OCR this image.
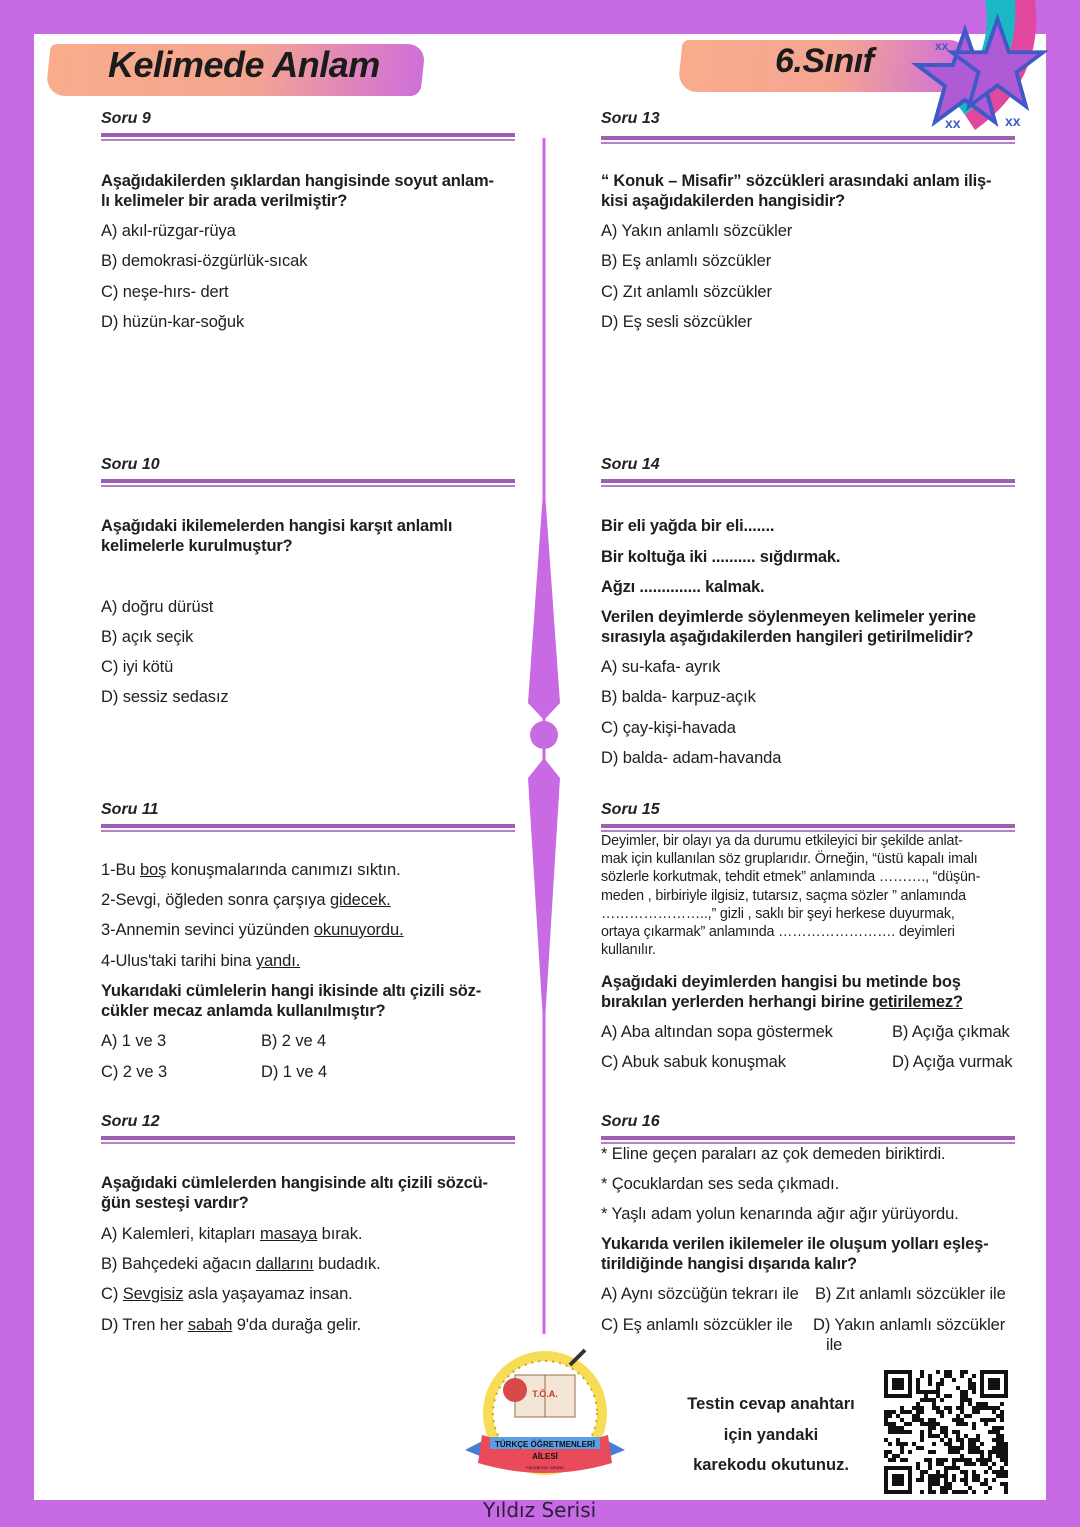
Kelimede Anlam	6.Sınıf
xx	xx
xx
Soru 9
Aşağıdakilerden şıklardan hangisinde soyut anlam-
lı kelimeler bir arada verilmiştir?
A) akıl-rüzgar-rüya
B) demokrasi-özgürlük-sıcak
C) neşe-hırs- dert
D) hüzün-kar-soğuk
Soru 10
Aşağıdaki ikilemelerden hangisi karşıt anlamlı
kelimelerle kurulmuştur?
A) doğru dürüst
B) açık seçik
C) iyi kötü
D) sessiz sedasız
Soru 11
1-Bu boş konuşmalarında canımızı sıktın.
2-Sevgi, öğleden sonra çarşıya gidecek.
3-Annemin sevinci yüzünden okunuyordu.
4-Ulus'taki tarihi bina yandı.
Yukarıdaki cümlelerin hangi ikisinde altı çizili söz-
cükler mecaz anlamda kullanılmıştır?
A) 1 ve 3	B) 2 ve 4
C) 2 ve 3	D) 1 ve 4
Soru 12
Aşağıdaki cümlelerden hangisinde altı çizili sözcü-
ğün sesteşi vardır?
A) Kalemleri, kitapları masaya bırak.
B) Bahçedeki ağacın dallarını budadık.
C) Sevgisiz asla yaşayamaz insan.
D) Tren her sabah 9'da durağa gelir.
Soru 13
“ Konuk – Misafir” sözcükleri arasındaki anlam iliş-
kisi aşağıdakilerden hangisidir?
A) Yakın anlamlı sözcükler
B) Eş anlamlı sözcükler
C) Zıt anlamlı sözcükler
D) Eş sesli sözcükler
Soru 14
Bir eli yağda bir eli.......
Bir koltuğa iki .......... sığdırmak.
Ağzı .............. kalmak.
Verilen deyimlerde söylenmeyen kelimeler yerine
sırasıyla aşağıdakilerden hangileri getirilmelidir?
A) su-kafa- ayrık
B) balda- karpuz-açık
C) çay-kişi-havada
D) balda- adam-havanda
Soru 15
Deyimler, bir olayı ya da durumu etkileyici bir şekilde anlat-
mak için kullanılan söz gruplarıdır. Örneğin, “üstü kapalı imalı
sözlerle korkutmak, tehdit etmek” anlamında ………., “düşün-
meden , birbiriyle ilgisiz, tutarsız, saçma sözler ” anlamında
…………………..,” gizli , saklı bir şeyi herkese duyurmak,
ortaya çıkarmak” anlamında ……………………. deyimleri
kullanılır.
Aşağıdaki deyimlerden hangisi bu metinde boş
bırakılan yerlerden herhangi birine getirilemez?
A) Aba altından sopa göstermek	B) Açığa çıkmak
C) Abuk sabuk konuşmak	D) Açığa vurmak
Soru 16
* Eline geçen paraları az çok demeden biriktirdi.
* Çocuklardan ses seda çıkmadı.
* Yaşlı adam yolun kenarında ağır ağır yürüyordu.
Yukarıda verilen ikilemeler ile oluşum yolları eşleş-
tirildiğinde hangisi dışarıda kalır?
A) Aynı sözcüğün tekrarı ile B) Zıt anlamlı sözcükler ile
C) Eş anlamlı sözcükler ile D) Yakın anlamlı sözcükler
ile
T.Ö.A.
TÜRKÇE ÖĞRETMENLERİ
AİLESİ
FACEBOOK GRUBU
Testin cevap anahtarı
için yandaki
karekodu okutunuz.
Yıldız Serisi
